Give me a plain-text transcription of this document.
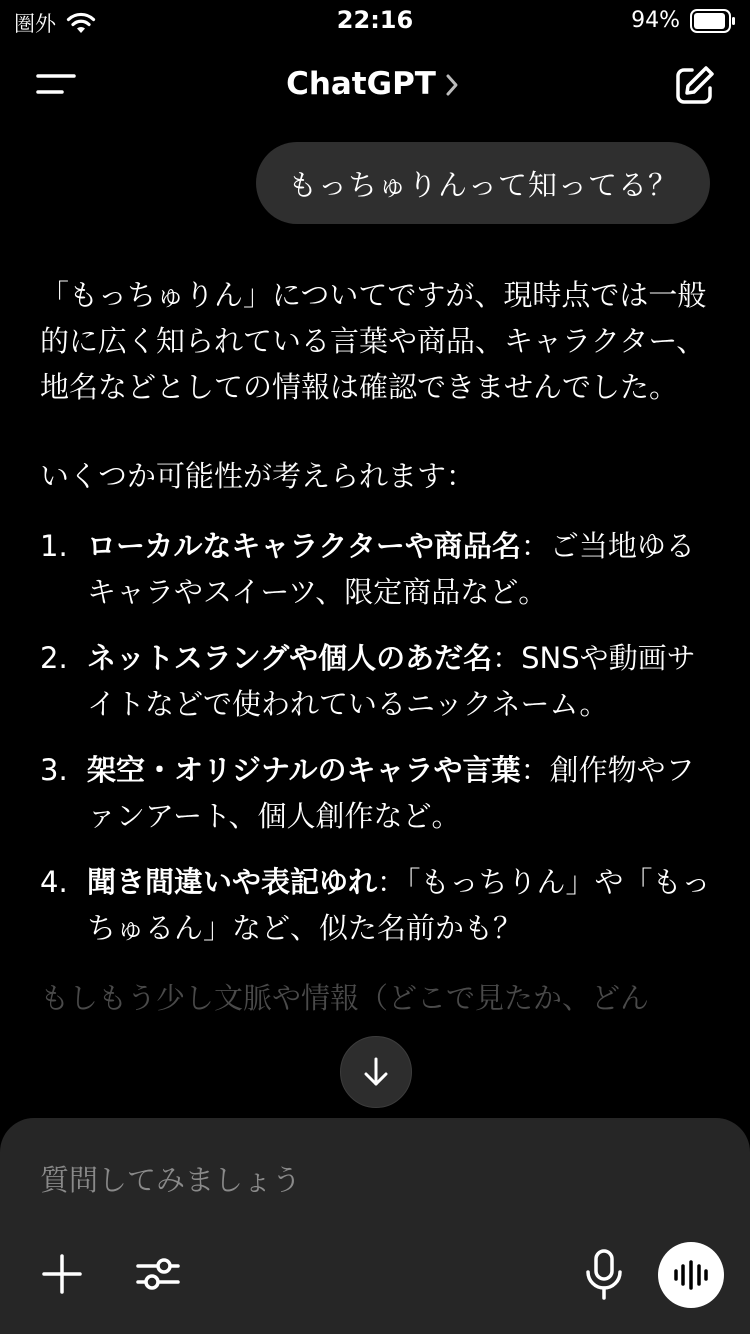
圏外	22:16	94%
ChatGPT
もっちゅりんって知ってる？

「もっちゅりん」についてですが、現時点では一般的に広く知られている言葉や商品、キャラクター、地名などとしての情報は確認できませんでした。

いくつか可能性が考えられます：

1. ローカルなキャラクターや商品名：ご当地ゆるキャラやスイーツ、限定商品など。
2. ネットスラングや個人のあだ名：SNSや動画サイトなどで使われているニックネーム。
3. 架空・オリジナルのキャラや言葉：創作物やファンアート、個人創作など。
4. 聞き間違いや表記ゆれ：「もっちりん」や「もっちゅるん」など、似た名前かも？

もしもう少し文脈や情報（どこで見たか、どん

質問してみましょう
